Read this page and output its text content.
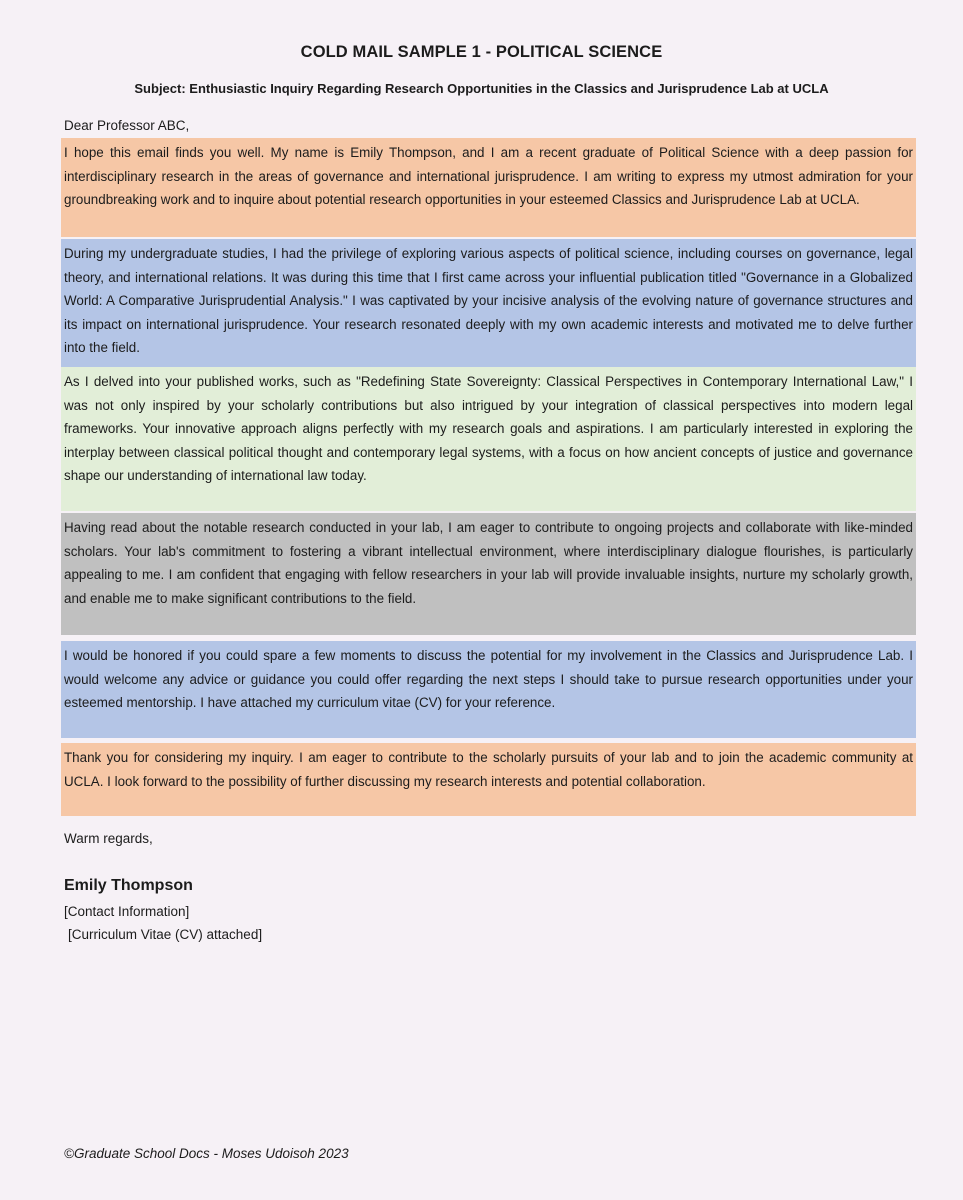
COLD MAIL SAMPLE 1 - POLITICAL SCIENCE
Subject: Enthusiastic Inquiry Regarding Research Opportunities in the Classics and Jurisprudence Lab at UCLA
Dear Professor ABC,
I hope this email finds you well. My name is Emily Thompson, and I am a recent graduate of Political Science with a deep passion for interdisciplinary research in the areas of governance and international jurisprudence. I am writing to express my utmost admiration for your groundbreaking work and to inquire about potential research opportunities in your esteemed Classics and Jurisprudence Lab at UCLA.
During my undergraduate studies, I had the privilege of exploring various aspects of political science, including courses on governance, legal theory, and international relations. It was during this time that I first came across your influential publication titled "Governance in a Globalized World: A Comparative Jurisprudential Analysis." I was captivated by your incisive analysis of the evolving nature of governance structures and its impact on international jurisprudence. Your research resonated deeply with my own academic interests and motivated me to delve further into the field.
As I delved into your published works, such as "Redefining State Sovereignty: Classical Perspectives in Contemporary International Law," I was not only inspired by your scholarly contributions but also intrigued by your integration of classical perspectives into modern legal frameworks. Your innovative approach aligns perfectly with my research goals and aspirations. I am particularly interested in exploring the interplay between classical political thought and contemporary legal systems, with a focus on how ancient concepts of justice and governance shape our understanding of international law today.
Having read about the notable research conducted in your lab, I am eager to contribute to ongoing projects and collaborate with like-minded scholars. Your lab's commitment to fostering a vibrant intellectual environment, where interdisciplinary dialogue flourishes, is particularly appealing to me. I am confident that engaging with fellow researchers in your lab will provide invaluable insights, nurture my scholarly growth, and enable me to make significant contributions to the field.
I would be honored if you could spare a few moments to discuss the potential for my involvement in the Classics and Jurisprudence Lab. I would welcome any advice or guidance you could offer regarding the next steps I should take to pursue research opportunities under your esteemed mentorship. I have attached my curriculum vitae (CV) for your reference.
Thank you for considering my inquiry. I am eager to contribute to the scholarly pursuits of your lab and to join the academic community at UCLA. I look forward to the possibility of further discussing my research interests and potential collaboration.
Warm regards,
Emily Thompson
[Contact Information]
[Curriculum Vitae (CV) attached]
©Graduate School Docs - Moses Udoisoh 2023
